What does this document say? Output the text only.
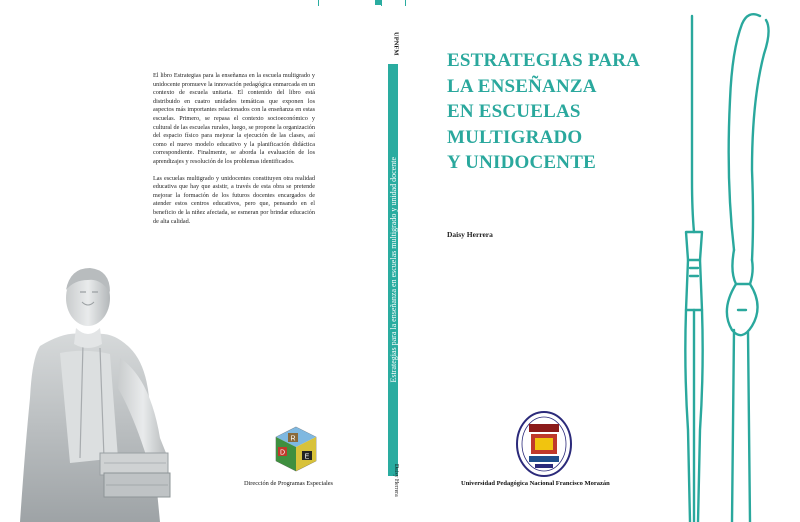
El libro Estrategias para la enseñanza en la escuela multigrado y unidocente promueve la innovación pedagógica enmarcada en un contexto de escuela unitaria. El contenido del libro está distribuido en cuatro unidades temáticas que exponen los aspectos más importantes relacionados con la enseñanza en estas escuelas. Primero, se repasa el contexto socioeconómico y cultural de las escuelas rurales, luego, se propone la organización del espacio físico para mejorar la ejecución de las clases, así como el nuevo modelo educativo y la planificación didáctica correspondiente. Finalmente, se aborda la evaluación de los aprendizajes y resolución de los problemas identificados.

Las escuelas multigrado y unidocentes constituyen otra realidad educativa que hay que asistir, a través de esta obra se pretende mejorar la formación de los futuros docentes encargados de atender estos centros educativos, pero que, pensando en el beneficio de la niñez afectada, se esmeran por brindar educación de alta calidad.

R
D
E
Dirección de Programas Especiales
UPNFM
Estrategias para la enseñanza en escuelas multigrado y unidad docente
Daisy Herrera
ESTRATEGIAS PARA
LA ENSEÑANZA
EN ESCUELAS
MULTIGRADO
Y UNIDOCENTE
Daisy Herrera
Universidad Pedagógica Nacional Francisco Morazán
